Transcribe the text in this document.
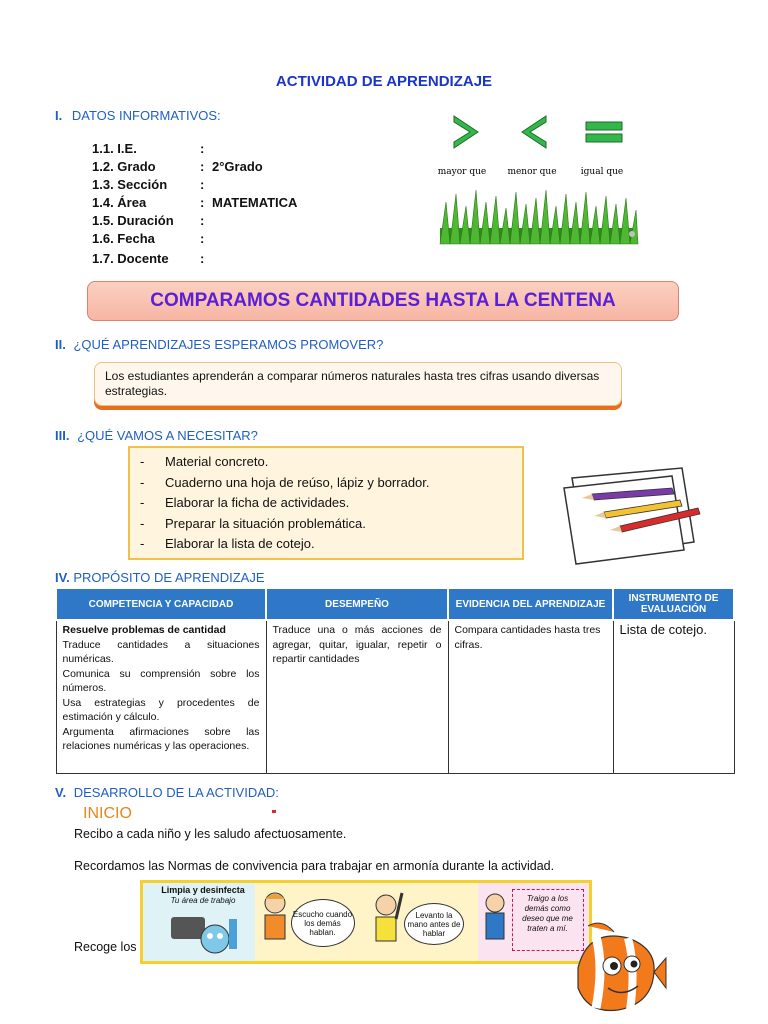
ACTIVIDAD DE APRENDIZAJE
I. DATOS INFORMATIVOS:
1.1. I.E.	:
1.2. Grado	: 2°Grado
1.3. Sección	:
1.4. Área	: MATEMATICA
1.5. Duración :
1.6. Fecha	:
1.7. Docente :
mayor que menor que	igual que
COMPARAMOS CANTIDADES HASTA LA CENTENA
II. ¿QUÉ APRENDIZAJES ESPERAMOS PROMOVER?
Los estudiantes aprenderán a comparar números naturales hasta tres cifras usando diversas estrategias.
III. ¿QUÉ VAMOS A NECESITAR?
- Material concreto.
- Cuaderno una hoja de reúso, lápiz y borrador.
- Elaborar la ficha de actividades.
- Preparar la situación problemática.
- Elaborar la lista de cotejo.
IV. PROPÓSITO DE APRENDIZAJE
COMPETENCIA Y CAPACIDAD	DESEMPEÑO	EVIDENCIA DEL APRENDIZAJE	INSTRUMENTO DE EVALUACIÓN

Resuelve problemas de cantidad
Traduce cantidades a situaciones numéricas.
Comunica su comprensión sobre los números.
Usa estrategias y procedentes de estimación y cálculo.
Argumenta afirmaciones sobre las relaciones numéricas y las operaciones.	Traduce una o más acciones de agregar, quitar, igualar, repetir o repartir cantidades	Compara cantidades hasta tres cifras.	Lista de cotejo.
V. DESARROLLO DE LA ACTIVIDAD:
INICIO
Recibo a cada niño y les saludo afectuosamente.
Recordamos las Normas de convivencia para trabajar en armonía durante la actividad.
Recoge los
Limpia y desinfecta
Tu área de trabajo
Escucho cuando los demás hablan.
Levanto la mano antes de hablar
Traigo a los demás como deseo que me traten a mí.
